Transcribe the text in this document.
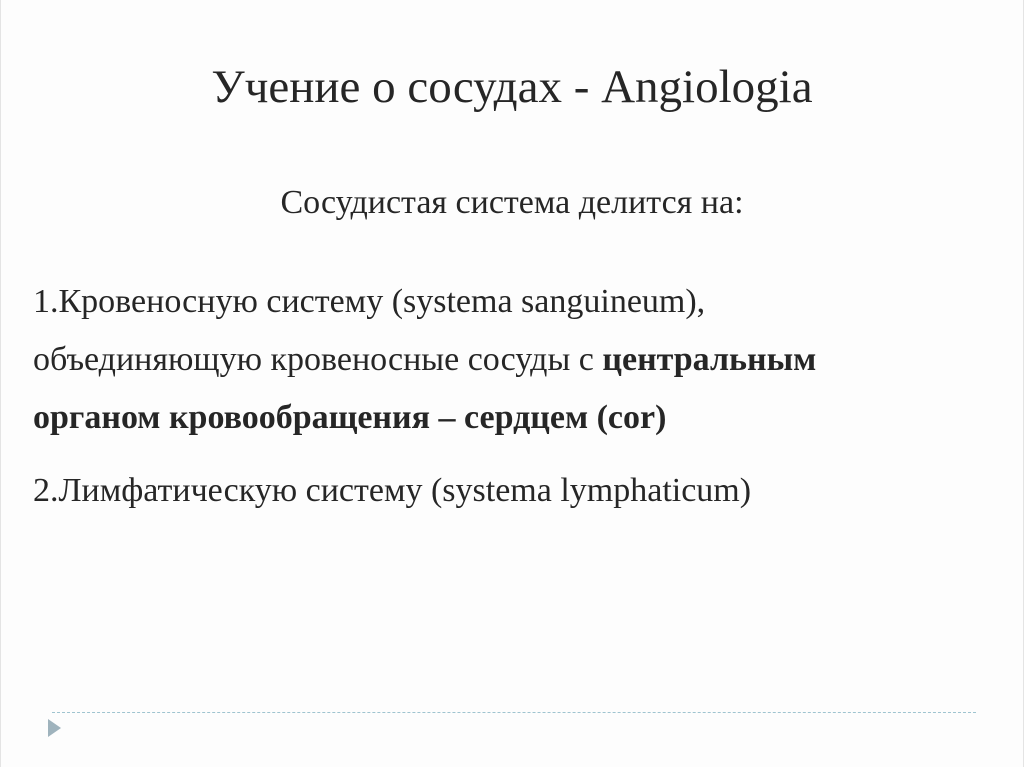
Учение о сосудах - Angiologia
Сосудистая система делится на:
1.Кровеносную систему (systema sanguineum),
объединяющую кровеносные сосуды с центральным
органом кровообращения – сердцем (cor)
2.Лимфатическую систему (systema lymphaticum)
